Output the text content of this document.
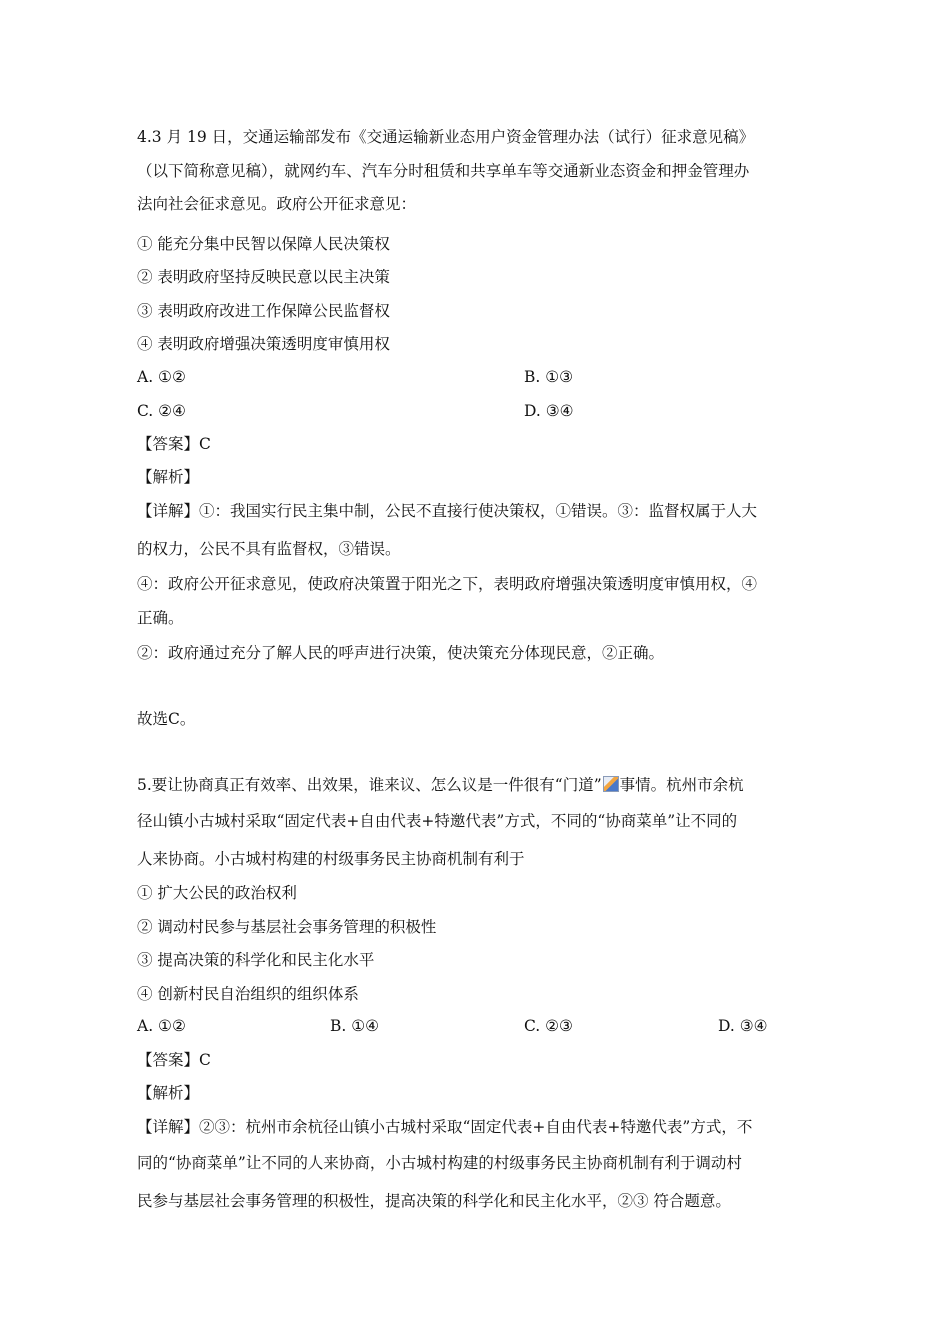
4.3 月 19 日，交通运输部发布《交通运输新业态用户资金管理办法（试行）征求意见稿》
（以下简称意见稿），就网约车、汽车分时租赁和共享单车等交通新业态资金和押金管理办
法向社会征求意见。政府公开征求意见：
① 能充分集中民智以保障人民决策权
② 表明政府坚持反映民意以民主决策
③ 表明政府改进工作保障公民监督权
④ 表明政府增强决策透明度审慎用权
A. ①②	B. ①③
C. ②④	D. ③④
【答案】C
【解析】
【详解】①：我国实行民主集中制，公民不直接行使决策权，①错误。③：监督权属于人大
的权力，公民不具有监督权，③错误。
④：政府公开征求意见，使政府决策置于阳光之下，表明政府增强决策透明度审慎用权，④
正确。
②：政府通过充分了解人民的呼声进行决策，使决策充分体现民意，②正确。
故选C。
5.要让协商真正有效率、出效果，谁来议、怎么议是一件很有“门道” 事情。杭州市余杭
径山镇小古城村采取“固定代表+自由代表+特邀代表”方式，不同的“协商菜单”让不同的
人来协商。小古城村构建的村级事务民主协商机制有利于
① 扩大公民的政治权利
② 调动村民参与基层社会事务管理的积极性
③ 提高决策的科学化和民主化水平
④ 创新村民自治组织的组织体系
A. ①②	B. ①④	C. ②③	D. ③④
【答案】C
【解析】
【详解】②③：杭州市余杭径山镇小古城村采取“固定代表+自由代表+特邀代表”方式，不
同的“协商菜单”让不同的人来协商，小古城村构建的村级事务民主协商机制有利于调动村
民参与基层社会事务管理的积极性，提高决策的科学化和民主化水平，②③ 符合题意。
